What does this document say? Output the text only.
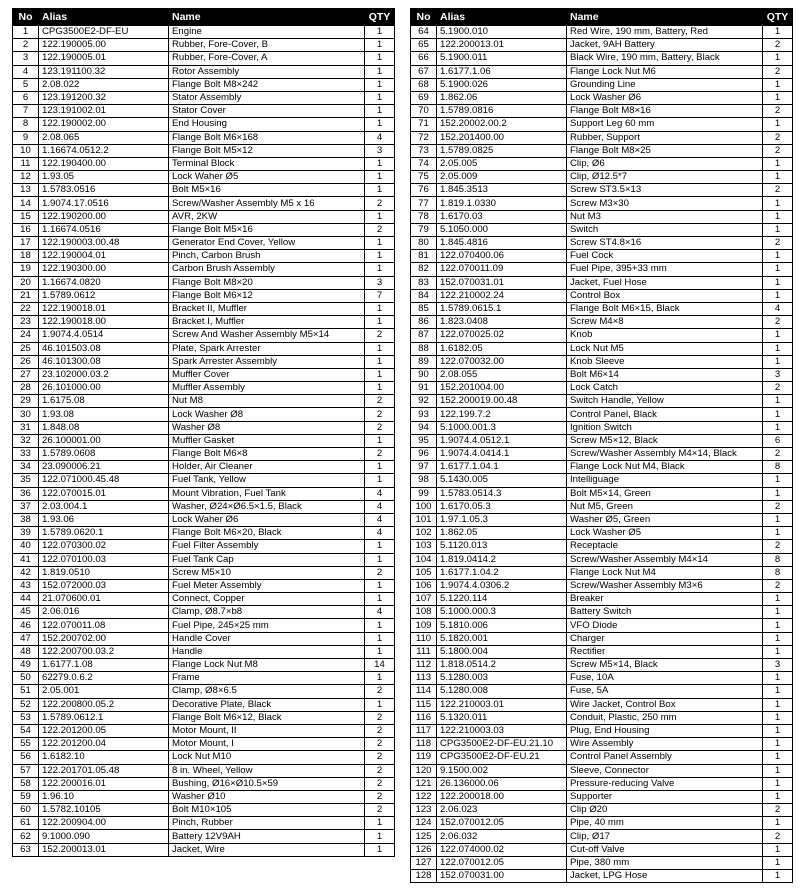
No	Alias	Name	QTY
1	CPG3500E2-DF-EU	Engine	1
2	122.190005.00	Rubber, Fore-Cover, B	1
3	122.190005.01	Rubber, Fore-Cover, A	1
4	123.191100.32	Rotor Assembly	1
5	2.08.022	Flange Bolt M8×242	1
6	123.191200.32	Stator Assembly	1
7	123.191002.01	Stator Cover	1
8	122.190002.00	End Housing	1
9	2.08.065	Flange Bolt M6×168	4
10	1.16674.0512.2	Flange Bolt M5×12	3
11	122.190400.00	Terminal Block	1
12	1.93.05	Lock Waher Ø5	1
13	1.5783.0516	Bolt M5×16	1
14	1.9074.17.0516	Screw/Washer Assembly M5 x 16	2
15	122.190200.00	AVR, 2KW	1
16	1.16674.0516	Flange Bolt M5×16	2
17	122.190003.00.48	Generator End Cover, Yellow	1
18	122.190004.01	Pinch, Carbon Brush	1
19	122.190300.00	Carbon Brush Assembly	1
20	1.16674.0820	Flange Bolt M8×20	3
21	1.5789.0612	Flange Bolt M6×12	7
22	122.190018.01	Bracket II, Muffler	1
23	122.190018.00	Bracket I, Muffler	1
24	1.9074.4.0514	Screw And Washer Assembly M5×14	2
25	46.101503.08	Plate, Spark Arrester	1
26	46.101300.08	Spark Arrester Assembly	1
27	23.102000.03.2	Muffler Cover	1
28	26.101000.00	Muffler Assembly	1
29	1.6175.08	Nut M8	2
30	1.93.08	Lock Washer Ø8	2
31	1.848.08	Washer Ø8	2
32	26.100001.00	Muffler Gasket	1
33	1.5789.0608	Flange Bolt M6×8	2
34	23.090006.21	Holder, Air Cleaner	1
35	122.071000.45.48	Fuel Tank, Yellow	1
36	122.070015.01	Mount Vibration, Fuel Tank	4
37	2.03.004.1	Washer, Ø24×Ø6.5×1.5, Black	4
38	1.93.06	Lock Waher Ø6	4
39	1.5789.0620.1	Flange Bolt M6×20, Black	4
40	122.070300.02	Fuel Filter Assembly	1
41	122.070100.03	Fuel Tank Cap	1
42	1.819.0510	Screw M5×10	2
43	152.072000.03	Fuel Meter Assembly	1
44	21.070600.01	Connect, Copper	1
45	2.06.016	Clamp, Ø8.7×b8	4
46	122.070011.08	Fuel Pipe, 245×25 mm	1
47	152.200702.00	Handle Cover	1
48	122.200700.03.2	Handle	1
49	1.6177.1.08	Flange Lock Nut M8	14
50	62279.0.6.2	Frame	1
51	2.05.001	Clamp, Ø8×6.5	2
52	122.200800.05.2	Decorative Plate, Black	1
53	1.5789.0612.1	Flange Bolt M6×12, Black	2
54	122.201200.05	Motor Mount, II	2
55	122.201200.04	Motor Mount, I	2
56	1.6182.10	Lock Nut M10	2
57	122.201701.05.48	8 in. Wheel, Yellow	2
58	122.200016.01	Bushing, Ø16×Ø10.5×59	2
59	1.96.10	Washer Ø10	2
60	1.5782.10105	Bolt M10×105	2
61	122.200904.00	Pinch, Rubber	1
62	9.1000.090	Battery 12V9AH	1
63	152.200013.01	Jacket, Wire	1
No	Alias	Name	QTY
64	5.1900.010	Red Wire, 190 mm, Battery, Red	1
65	122.200013.01	Jacket, 9AH Battery	2
66	5.1900.011	Black Wire, 190 mm, Battery, Black	1
67	1.6177.1.06	Flange Lock Nut M6	2
68	5.1900.026	Grounding Line	1
69	1.862.06	Lock Washer Ø6	1
70	1.5789.0816	Flange Bolt M8×16	2
71	152.20002.00.2	Support Leg 60 mm	1
72	152.201400.00	Rubber, Support	2
73	1.5789.0825	Flange Bolt M8×25	2
74	2.05.005	Clip, Ø6	1
75	2.05.009	Clip, Ø12.5*7	1
76	1.845.3513	Screw ST3.5×13	2
77	1.819.1.0330	Screw M3×30	1
78	1.6170.03	Nut M3	1
79	5.1050.000	Switch	1
80	1.845.4816	Screw ST4.8×16	2
81	122.070400.06	Fuel Cock	1
82	122.070011.09	Fuel Pipe, 395+33 mm	1
83	152.070031.01	Jacket, Fuel Hose	1
84	122.210002.24	Control Box	1
85	1.5789.0615.1	Flange Bolt M6×15, Black	4
86	1.823.0408	Screw M4×8	2
87	122.070025.02	Knob	1
88	1.6182.05	Lock Nut M5	1
89	122.070032.00	Knob Sleeve	1
90	2.08.055	Bolt M6×14	3
91	152.201004.00	Lock Catch	2
92	152.200019.00.48	Switch Handle, Yellow	1
93	122.199.7.2	Control Panel, Black	1
94	5.1000.001.3	Ignition Switch	1
95	1.9074.4.0512.1	Screw M5×12, Black	6
96	1.9074.4.0414.1	Screw/Washer Assembly M4×14, Black	2
97	1.6177.1.04.1	Flange Lock Nut M4, Black	8
98	5.1430.005	Intelliguage	1
99	1.5783.0514.3	Bolt M5×14, Green	1
100	1.6170.05.3	Nut M5, Green	2
101	1.97.1.05.3	Washer Ø5, Green	1
102	1.862.05	Lock Washer Ø5	1
103	5.1120.013	Receptacle	2
104	1.819.0414.2	Screw/Washer Assembly M4×14	8
105	1.6177.1.04.2	Flange Lock Nut M4	8
106	1.9074.4.0306.2	Screw/Washer Assembly M3×6	2
107	5.1220.114	Breaker	1
108	5.1000.000.3	Battery Switch	1
109	5.1810.006	VFO Diode	1
110	5.1820.001	Charger	1
111	5.1800.004	Rectifier	1
112	1.818.0514.2	Screw M5×14, Black	3
113	5.1280.003	Fuse, 10A	1
114	5.1280.008	Fuse, 5A	1
115	122.210003.01	Wire Jacket, Control Box	1
116	5.1320.011	Conduit, Plastic, 250 mm	1
117	122.210003.03	Plug, End Housing	1
118	CPG3500E2-DF-EU.21.10	Wire Assembly	1
119	CPG3500E2-DF-EU.21	Control Panel Assembly	1
120	9.1500.002	Sleeve, Connector	1
121	26.136000.06	Pressure-reducing Valve	1
122	122.200018.00	Supporter	1
123	2.06.023	Clip Ø20	2
124	152.070012.05	Pipe, 40 mm	1
125	2.06.032	Clip, Ø17	2
126	122.074000.02	Cut-off Valve	1
127	122.070012.05	Pipe, 380 mm	1
128	152.070031.00	Jacket, LPG Hose	1
